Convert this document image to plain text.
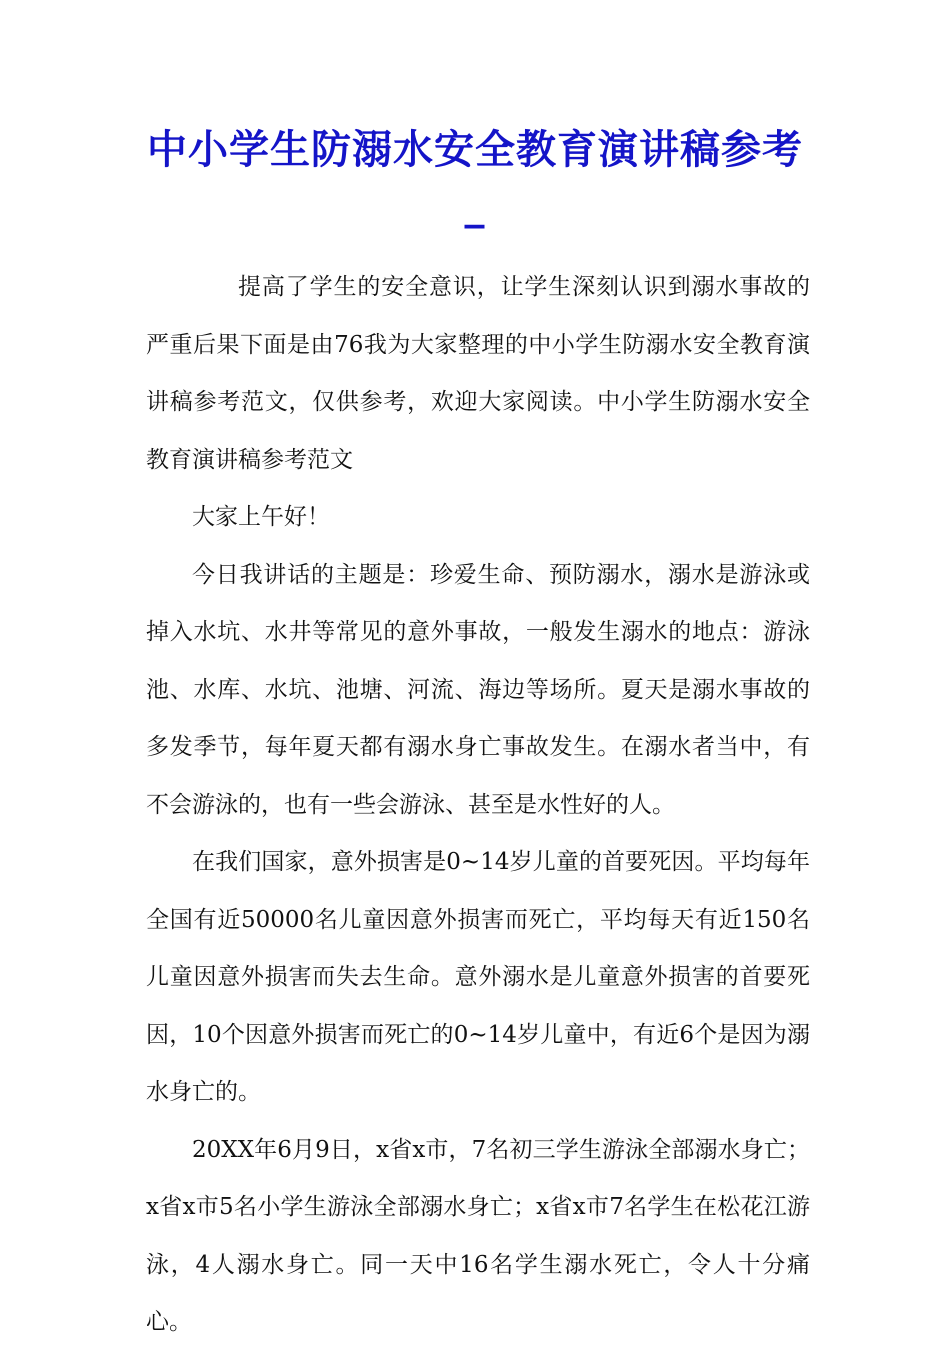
中小学生防溺水安全教育演讲稿参考_

提高了学生的安全意识，让学生深刻认识到溺水事故的严重后果下面是由76我为大家整理的中小学生防溺水安全教育演讲稿参考范文，仅供参考，欢迎大家阅读。中小学生防溺水安全教育演讲稿参考范文

大家上午好！

今日我讲话的主题是：珍爱生命、预防溺水，溺水是游泳或掉入水坑、水井等常见的意外事故，一般发生溺水的地点：游泳池、水库、水坑、池塘、河流、海边等场所。夏天是溺水事故的多发季节，每年夏天都有溺水身亡事故发生。在溺水者当中，有不会游泳的，也有一些会游泳、甚至是水性好的人。

在我们国家，意外损害是0~14岁儿童的首要死因。平均每年全国有近50000名儿童因意外损害而死亡，平均每天有近150名儿童因意外损害而失去生命。意外溺水是儿童意外损害的首要死因，10个因意外损害而死亡的0~14岁儿童中，有近6个是因为溺水身亡的。

20XX年6月9日，x省x市，7名初三学生游泳全部溺水身亡；x省x市5名小学生游泳全部溺水身亡；x省x市7名学生在松花江游泳，4人溺水身亡。同一天中16名学生溺水死亡，令人十分痛心。
